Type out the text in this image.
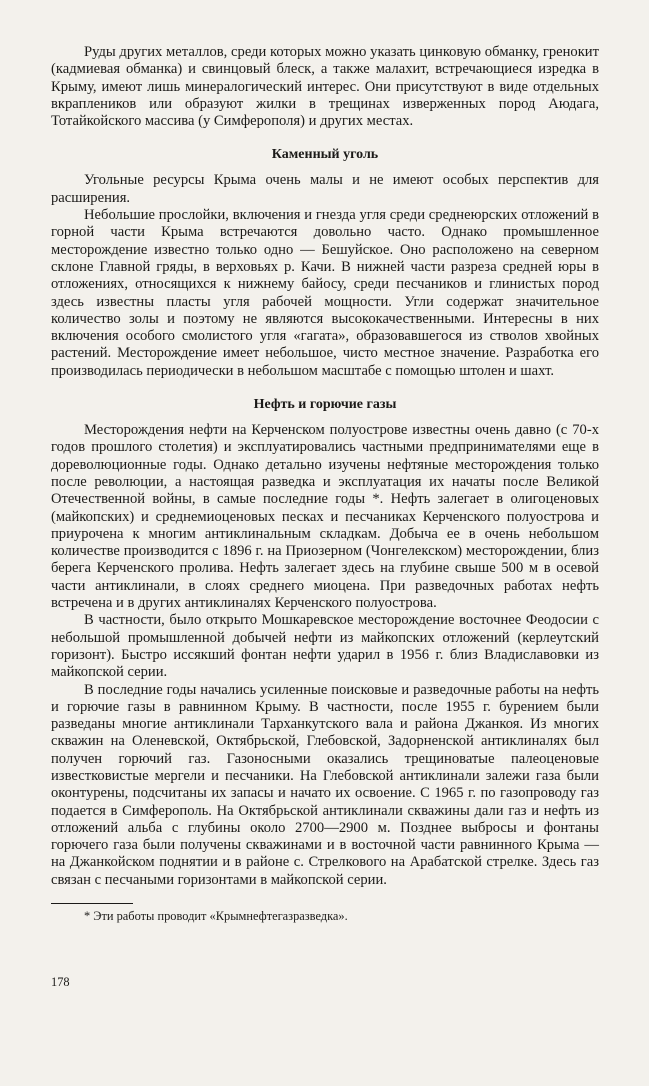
Руды других металлов, среди которых можно указать цинковую обманку, гренокит (кадмиевая обманка) и свинцовый блеск, а также малахит, встречающиеся изредка в Крыму, имеют лишь минералогический интерес. Они присутствуют в виде отдельных вкраплеников или образуют жилки в трещинах изверженных пород Аюдага, Тотайкойского массива (у Симферополя) и других местах.

Каменный уголь

Угольные ресурсы Крыма очень малы и не имеют особых перспектив для расширения.

Небольшие прослойки, включения и гнезда угля среди среднеюрских отложений в горной части Крыма встречаются довольно часто. Однако промышленное месторождение известно только одно — Бешуйское. Оно расположено на северном склоне Главной гряды, в верховьях р. Качи. В нижней части разреза средней юры в отложениях, относящихся к нижнему байосу, среди песчаников и глинистых пород здесь известны пласты угля рабочей мощности. Угли содержат значительное количество золы и поэтому не являются высококачественными. Интересны в них включения особого смолистого угля «гагата», образовавшегося из стволов хвойных растений. Месторождение имеет небольшое, чисто местное значение. Разработка его производилась периодически в небольшом масштабе с помощью штолен и шахт.

Нефть и горючие газы

Месторождения нефти на Керченском полуострове известны очень давно (с 70-х годов прошлого столетия) и эксплуатировались частными предпринимателями еще в дореволюционные годы. Однако детально изучены нефтяные месторождения только после революции, а настоящая разведка и эксплуатация их начаты после Великой Отечественной войны, в самые последние годы *. Нефть залегает в олигоценовых (майкопских) и среднемиоценовых песках и песчаниках Керченского полуострова и приурочена к многим антиклинальным складкам. Добыча ее в очень небольшом количестве производится с 1896 г. на Приозерном (Чонгелекском) месторождении, близ берега Керченского пролива. Нефть залегает здесь на глубине свыше 500 м в осевой части антиклинали, в слоях среднего миоцена. При разведочных работах нефть встречена и в других антиклиналях Керченского полуострова.

В частности, было открыто Мошкаревское месторождение восточнее Феодосии с небольшой промышленной добычей нефти из майкопских отложений (керлеутский горизонт). Быстро иссякший фонтан нефти ударил в 1956 г. близ Владиславовки из майкопской серии.

В последние годы начались усиленные поисковые и разведочные работы на нефть и горючие газы в равнинном Крыму. В частности, после 1955 г. бурением были разведаны многие антиклинали Тарханкутского вала и района Джанкоя. Из многих скважин на Оленевской, Октябрьской, Глебовской, Задорненской антиклиналях был получен горючий газ. Газоносными оказались трещиноватые палеоценовые известковистые мергели и песчаники. На Глебовской антиклинали залежи газа были оконтурены, подсчитаны их запасы и начато их освоение. С 1965 г. по газопроводу газ подается в Симферополь. На Октябрьской антиклинали скважины дали газ и нефть из отложений альба с глубины около 2700—2900 м. Позднее выбросы и фонтаны горючего газа были получены скважинами и в восточной части равнинного Крыма — на Джанкойском поднятии и в районе с. Стрелкового на Арабатской стрелке. Здесь газ связан с песчаными горизонтами в майкопской серии.

* Эти работы проводит «Крымнефтегазразведка».

178
